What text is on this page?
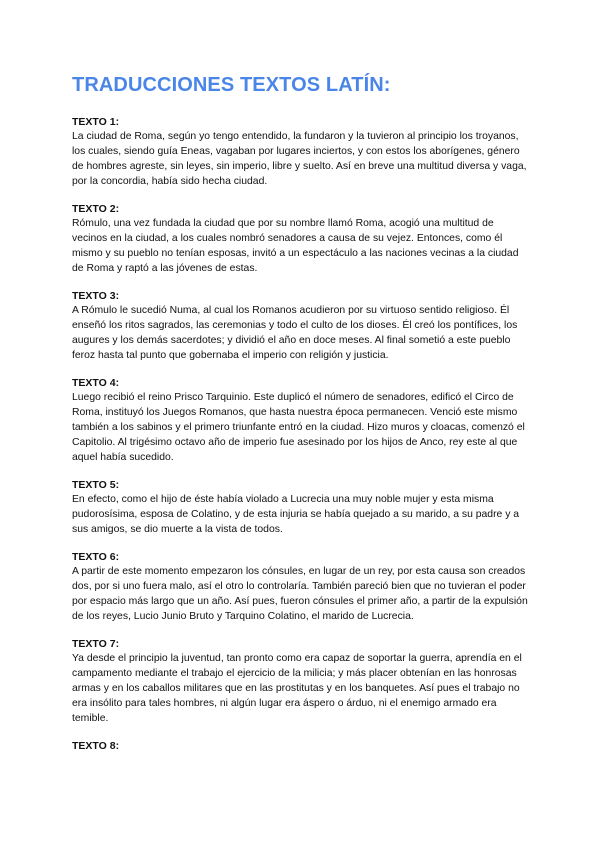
TRADUCCIONES TEXTOS LATÍN:

TEXTO 1:

La ciudad de Roma, según yo tengo entendido, la fundaron y la tuvieron al principio los troyanos, los cuales, siendo guía Eneas, vagaban por lugares inciertos, y con estos los aborígenes, género de hombres agreste, sin leyes, sin imperio, libre y suelto. Así en breve una multitud diversa y vaga, por la concordia, había sido hecha ciudad.

TEXTO 2:

Rómulo, una vez fundada la ciudad que por su nombre llamó Roma, acogió una multitud de vecinos en la ciudad, a los cuales nombró senadores a causa de su vejez. Entonces, como él mismo y su pueblo no tenían esposas, invitó a un espectáculo a las naciones vecinas a la ciudad de Roma y raptó a las jóvenes de estas.

TEXTO 3:

A Rómulo le sucedió Numa, al cual los Romanos acudieron por su virtuoso sentido religioso. Él enseñó los ritos sagrados, las ceremonias y todo el culto de los dioses. Él creó los pontífices, los augures y los demás sacerdotes; y dividió el año en doce meses. Al final sometió a este pueblo feroz hasta tal punto que gobernaba el imperio con religión y justicia.

TEXTO 4:

Luego recibió el reino Prisco Tarquinio. Este duplicó el número de senadores, edificó el Circo de Roma, instituyó los Juegos Romanos, que hasta nuestra época permanecen. Venció este mismo también a los sabinos y el primero triunfante entró en la ciudad. Hizo muros y cloacas, comenzó el Capitolio. Al trigésimo octavo año de imperio fue asesinado por los hijos de Anco, rey este al que aquel había sucedido.

TEXTO 5:

En efecto, como el hijo de éste había violado a Lucrecia una muy noble mujer y esta misma pudorosísima, esposa de Colatino, y de esta injuria se había quejado a su marido, a su padre y a sus amigos, se dio muerte a la vista de todos.

TEXTO 6:

A partir de este momento empezaron los cónsules, en lugar de un rey, por esta causa son creados dos, por si uno fuera malo, así el otro lo controlaría. También pareció bien que no tuvieran el poder por espacio más largo que un año. Así pues, fueron cónsules el primer año, a partir de la expulsión de los reyes, Lucio Junio Bruto y Tarquino Colatino, el marido de Lucrecia.

TEXTO 7:

Ya desde el principio la juventud, tan pronto como era capaz de soportar la guerra, aprendía en el campamento mediante el trabajo el ejercicio de la milicia; y más placer obtenían en las honrosas armas y en los caballos militares que en las prostitutas y en los banquetes. Así pues el trabajo no era insólito para tales hombres, ni algún lugar era áspero o árduo, ni el enemigo armado era temible.

TEXTO 8:
